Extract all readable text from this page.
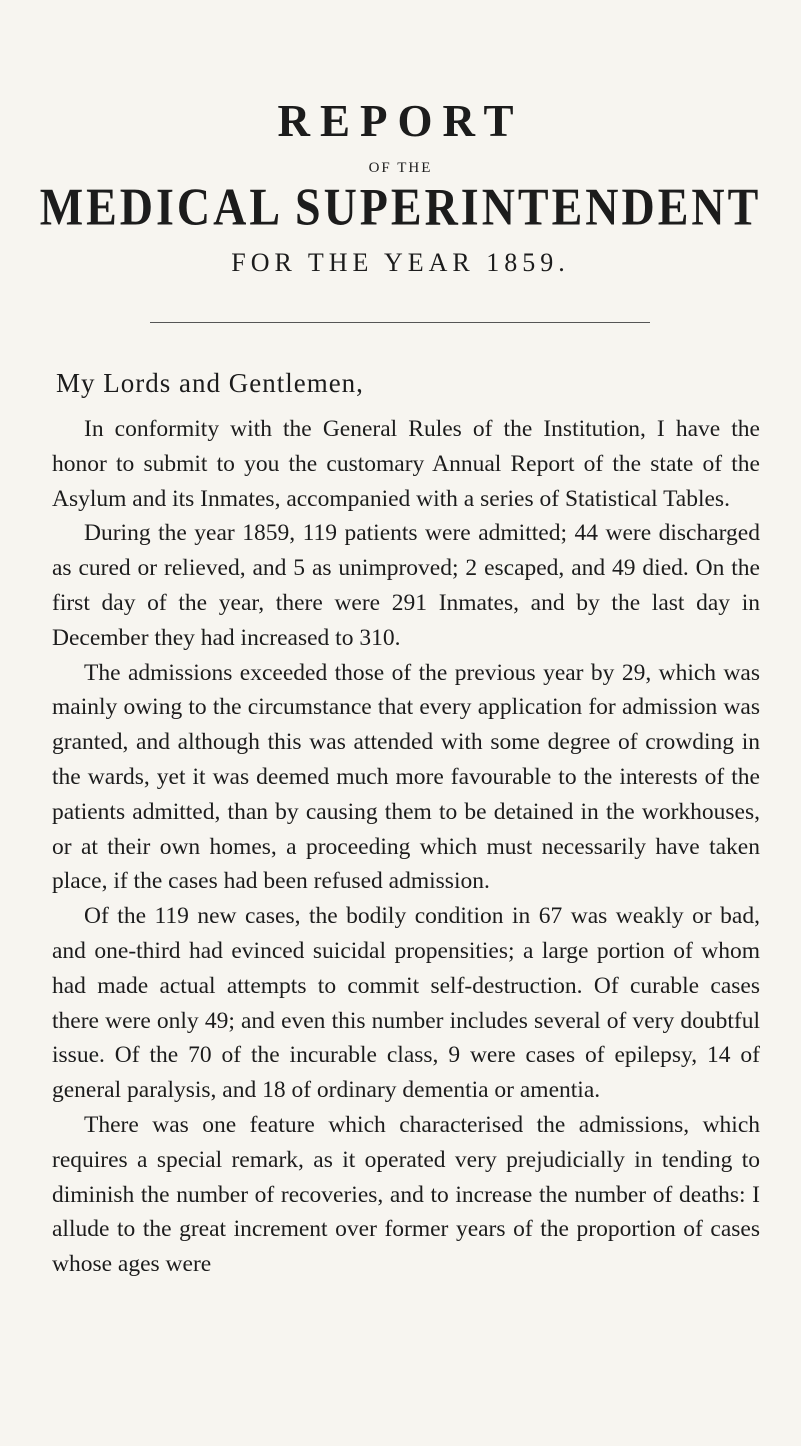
REPORT
OF THE
MEDICAL SUPERINTENDENT
FOR THE YEAR 1859.
My Lords and Gentlemen,

In conformity with the General Rules of the Institution, I have the honor to submit to you the customary Annual Report of the state of the Asylum and its Inmates, accompanied with a series of Statistical Tables.

During the year 1859, 119 patients were admitted; 44 were discharged as cured or relieved, and 5 as unimproved; 2 escaped, and 49 died. On the first day of the year, there were 291 Inmates, and by the last day in December they had increased to 310.

The admissions exceeded those of the previous year by 29, which was mainly owing to the circumstance that every application for admission was granted, and although this was attended with some degree of crowding in the wards, yet it was deemed much more favourable to the interests of the patients admitted, than by causing them to be detained in the workhouses, or at their own homes, a proceeding which must necessarily have taken place, if the cases had been refused admission.

Of the 119 new cases, the bodily condition in 67 was weakly or bad, and one-third had evinced suicidal propensities; a large portion of whom had made actual attempts to commit self-destruction. Of curable cases there were only 49; and even this number includes several of very doubtful issue. Of the 70 of the incurable class, 9 were cases of epilepsy, 14 of general paralysis, and 18 of ordinary dementia or amentia.

There was one feature which characterised the admissions, which requires a special remark, as it operated very prejudicially in tending to diminish the number of recoveries, and to increase the number of deaths: I allude to the great increment over former years of the proportion of cases whose ages were
